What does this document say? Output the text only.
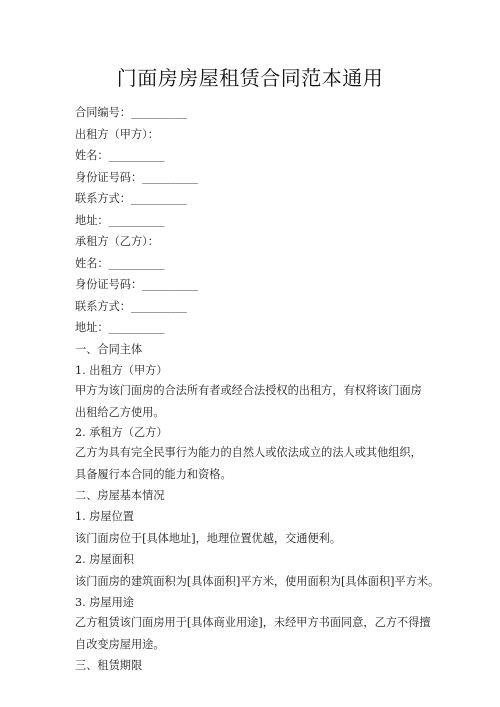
门面房房屋租赁合同范本通用
合同编号：__________
出租方（甲方）：
姓名：__________
身份证号码：__________
联系方式：__________
地址：__________
承租方（乙方）：
姓名：__________
身份证号码：__________
联系方式：__________
地址：__________
一、合同主体
1. 出租方（甲方）
甲方为该门面房的合法所有者或经合法授权的出租方，有权将该门面房出租给乙方使用。
2. 承租方（乙方）
乙方为具有完全民事行为能力的自然人或依法成立的法人或其他组织，具备履行本合同的能力和资格。
二、房屋基本情况
1. 房屋位置
该门面房位于[具体地址]，地理位置优越，交通便利。
2. 房屋面积
该门面房的建筑面积为[具体面积]平方米，使用面积为[具体面积]平方米。
3. 房屋用途
乙方租赁该门面房用于[具体商业用途]，未经甲方书面同意，乙方不得擅自改变房屋用途。
三、租赁期限
